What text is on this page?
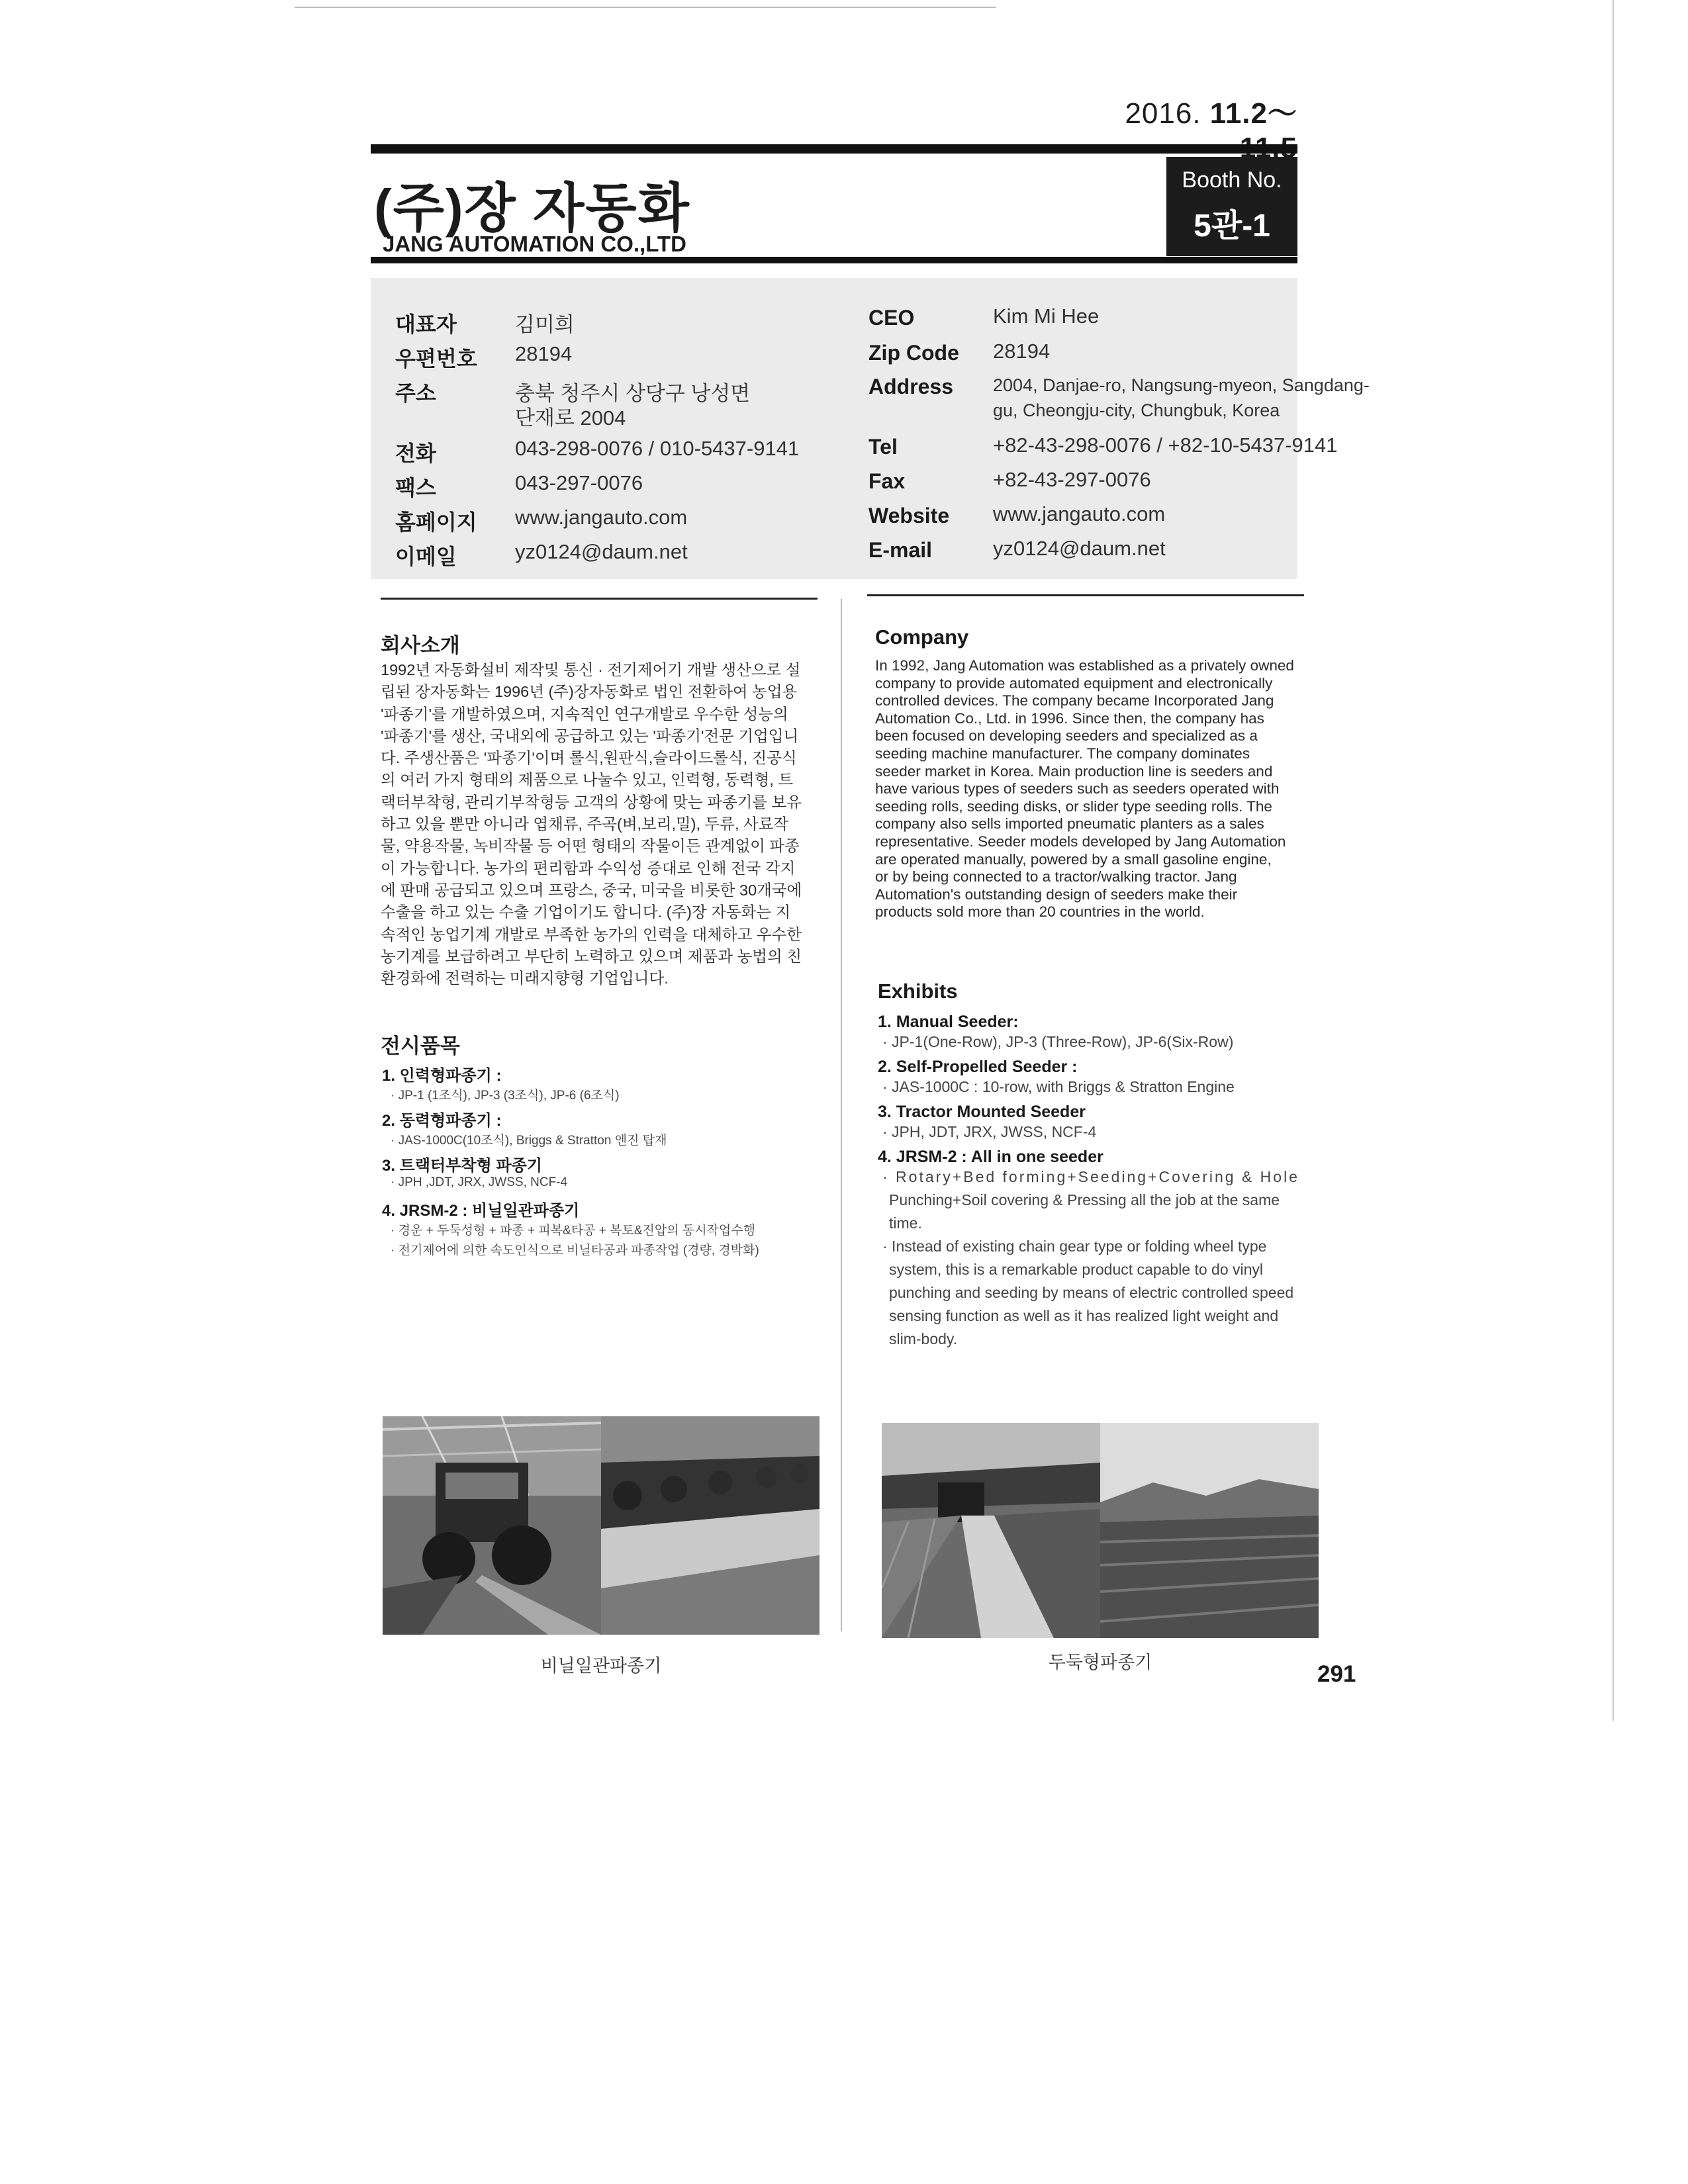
2016. 11.2〜
(주)장 자동화
JANG AUTOMATION CO.,LTD
Booth No.
5관-1
대표자	김미희
우편번호 28194
주소	충북 청주시 상당구 낭성면
단재로 2004
전화	043-298-0076 / 010-5437-9141
팩스	043-297-0076
홈페이지 www.jangauto.com
이메일	yz0124@daum.net
CEO	Kim Mi Hee
Zip Code 28194
Address 2004, Danjae-ro, Nangsung-myeon, Sangdang-
gu, Cheongju-city, Chungbuk, Korea
Tel	+82-43-298-0076 / +82-10-5437-9141
Fax	+82-43-297-0076
Website www.jangauto.com
E-mail	yz0124@daum.net
회사소개
1992년 자동화설비 제작및 통신 · 전기제어기 개발 생산으로 설
립된 장자동화는 1996년 (주)장자동화로 법인 전환하여 농업용
'파종기'를 개발하였으며, 지속적인 연구개발로 우수한 성능의
'파종기'를 생산, 국내외에 공급하고 있는 '파종기'전문 기업입니
다. 주생산품은 '파종기'이며 롤식,원판식,슬라이드롤식, 진공식
의 여러 가지 형태의 제품으로 나눌수 있고, 인력형, 동력형, 트
랙터부착형, 관리기부착형등 고객의 상황에 맞는 파종기를 보유
하고 있을 뿐만 아니라 엽채류, 주곡(벼,보리,밀), 두류, 사료작
물, 약용작물, 녹비작물 등 어떤 형태의 작물이든 관계없이 파종
이 가능합니다. 농가의 편리함과 수익성 증대로 인해 전국 각지
에 판매 공급되고 있으며 프랑스, 중국, 미국을 비롯한 30개국에
수출을 하고 있는 수출 기업이기도 합니다. (주)장 자동화는 지
속적인 농업기계 개발로 부족한 농가의 인력을 대체하고 우수한
농기계를 보급하려고 부단히 노력하고 있으며 제품과 농법의 친
환경화에 전력하는 미래지향형 기업입니다.
전시품목
1. 인력형파종기 :
· JP-1 (1조식), JP-3 (3조식), JP-6 (6조식)
2. 동력형파종기 :
· JAS-1000C(10조식), Briggs & Stratton 엔진 탑재
3. 트랙터부착형 파종기
· JPH ,JDT, JRX, JWSS, NCF-4
4. JRSM-2 : 비닐일관파종기
· 경운 + 두둑성형 + 파종 + 피복&타공 + 복토&진압의 동시작업수행
· 전기제어에 의한 속도인식으로 비닐타공과 파종작업 (경량, 경박화)
Company
In 1992, Jang Automation was established as a privately owned
company to provide automated equipment and electronically
controlled devices. The company became Incorporated Jang
Automation Co., Ltd. in 1996. Since then, the company has
been focused on developing seeders and specialized as a
seeding machine manufacturer. The company dominates
seeder market in Korea. Main production line is seeders and
have various types of seeders such as seeders operated with
seeding rolls, seeding disks, or slider type seeding rolls. The
company also sells imported pneumatic planters as a sales
representative. Seeder models developed by Jang Automation
are operated manually, powered by a small gasoline engine,
or by being connected to a tractor/walking tractor. Jang
Automation's outstanding design of seeders make their
products sold more than 20 countries in the world.
Exhibits
1. Manual Seeder:
· JP-1(One-Row), JP-3 (Three-Row), JP-6(Six-Row)
2. Self-Propelled Seeder :
· JAS-1000C : 10-row, with Briggs & Stratton Engine
3. Tractor Mounted Seeder
· JPH, JDT, JRX, JWSS, NCF-4
4. JRSM-2 : All in one seeder
· Rotary+Bed forming+Seeding+Covering & Hole
Punching+Soil covering & Pressing all the job at the same
time.
· Instead of existing chain gear type or folding wheel type
system, this is a remarkable product capable to do vinyl
punching and seeding by means of electric controlled speed
sensing function as well as it has realized light weight and
slim-body.
비닐일관파종기	두둑형파종기	291
